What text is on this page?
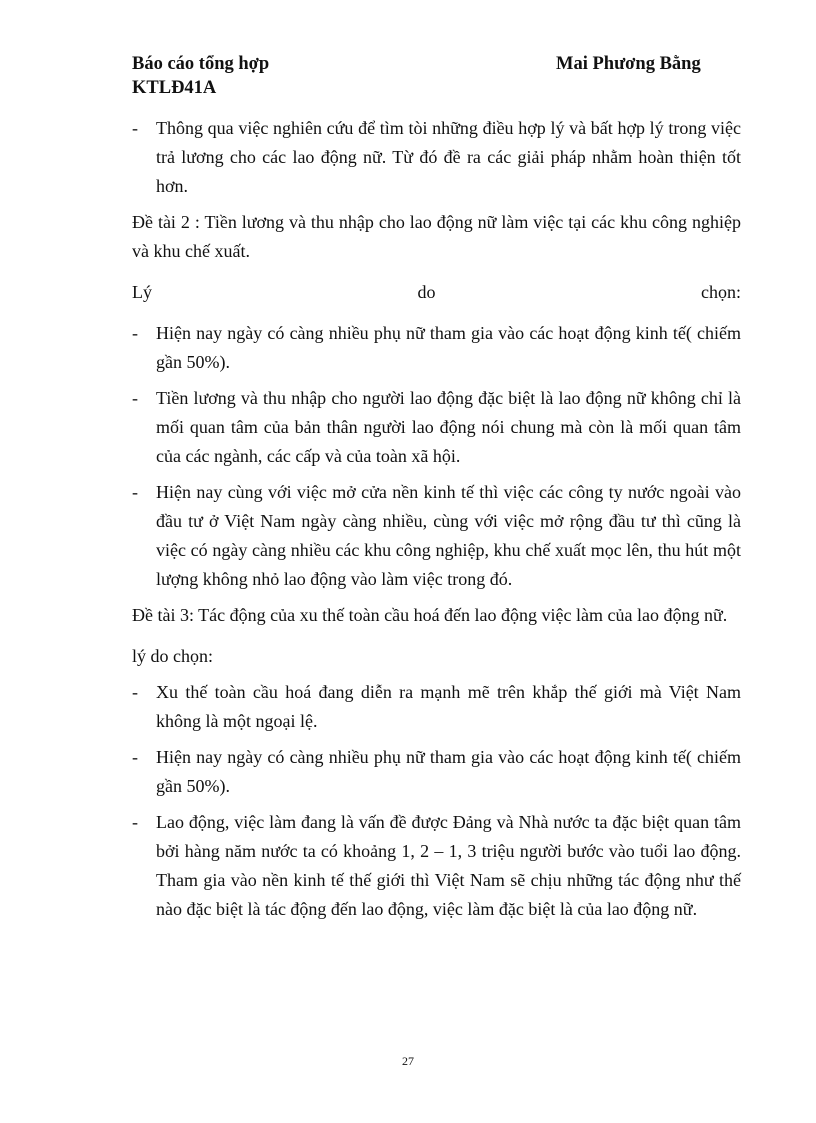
Báo cáo tổng hợp
KTLĐ41A
Mai Phương Bằng
- Thông qua việc nghiên cứu để tìm tòi những điều hợp lý và bất hợp lý trong việc trả lương cho các lao động nữ. Từ đó đề ra các giải pháp nhằm hoàn thiện tốt hơn.
Đề tài 2 : Tiền lương và thu nhập cho lao động nữ làm việc tại các khu công nghiệp và khu chế xuất.
Lý	do	chọn:
- Hiện nay ngày có càng nhiều phụ nữ tham gia vào các hoạt động kinh tế( chiếm gần 50%).
- Tiền lương và thu nhập cho người lao động đặc biệt là lao động nữ không chỉ là mối quan tâm của bản thân người lao động nói chung mà còn là mối quan tâm của các ngành, các cấp và của toàn xã hội.
- Hiện nay cùng với việc mở cửa nền kinh tế thì việc các công ty nước ngoài vào đầu tư ở Việt Nam ngày càng nhiều, cùng với việc mở rộng đầu tư thì cũng là việc có ngày càng nhiều các khu công nghiệp, khu chế xuất mọc lên, thu hút một lượng không nhỏ lao động vào làm việc trong đó.
Đề tài 3: Tác động của xu thế toàn cầu hoá đến lao động việc làm của lao động nữ.
lý do chọn:
- Xu thế toàn cầu hoá đang diễn ra mạnh mẽ trên khắp thế giới mà Việt Nam không là một ngoại lệ.
- Hiện nay ngày có càng nhiều phụ nữ tham gia vào các hoạt động kinh tế( chiếm gần 50%).
- Lao động, việc làm đang là vấn đề được Đảng và Nhà nước ta đặc biệt quan tâm bởi hàng năm nước ta có khoảng 1, 2 – 1, 3 triệu người bước vào tuổi lao động. Tham gia vào nền kinh tế thế giới thì Việt Nam sẽ chịu những tác động như thế nào đặc biệt là tác động đến lao động, việc làm đặc biệt là của lao động nữ.
27
